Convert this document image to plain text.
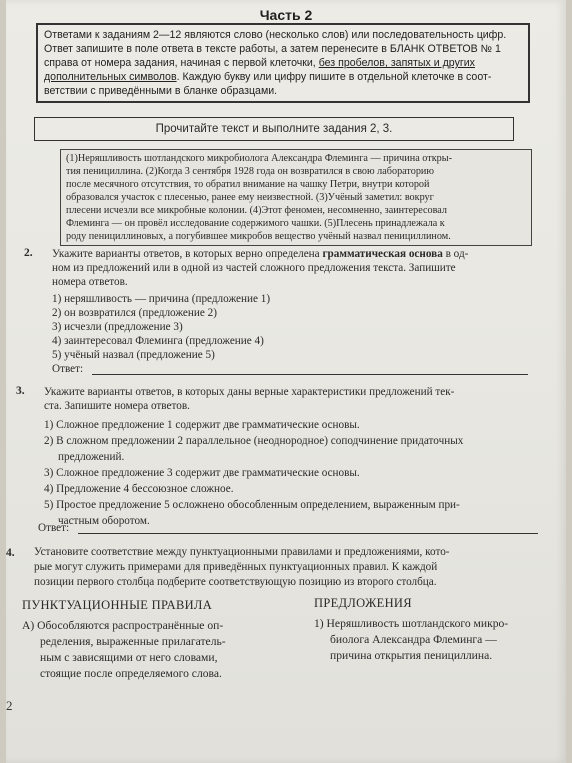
Часть 2
Ответами к заданиям 2—12 являются слово (несколько слов) или последовательность цифр.
Ответ запишите в поле ответа в тексте работы, а затем перенесите в БЛАНК ОТВЕТОВ № 1
справа от номера задания, начиная с первой клеточки, без пробелов, запятых и других
дополнительных символов. Каждую букву или цифру пишите в отдельной клеточке в соот-
ветствии с приведёнными в бланке образцами.
Прочитайте текст и выполните задания 2, 3.
(1)Неряшливость шотландского микробиолога Александра Флеминга — причина откры-
тия пенициллина. (2)Когда 3 сентября 1928 года он возвратился в свою лабораторию
после месячного отсутствия, то обратил внимание на чашку Петри, внутри которой
образовался участок с плесенью, ранее ему неизвестной. (3)Учёный заметил: вокруг
плесени исчезли все микробные колонии. (4)Этот феномен, несомненно, заинтересовал
Флеминга — он провёл исследование содержимого чашки. (5)Плесень принадлежала к
роду пенициллиновых, а погубившее микробов вещество учёный назвал пенициллином.
2. Укажите варианты ответов, в которых верно определена грамматическая основа в од-
ном из предложений или в одной из частей сложного предложения текста. Запишите
номера ответов.
1) неряшливость — причина (предложение 1)
2) он возвратился (предложение 2)
3) исчезли (предложение 3)
4) заинтересовал Флеминга (предложение 4)
5) учёный назвал (предложение 5)
Ответ:
3. Укажите варианты ответов, в которых даны верные характеристики предложений тек-
ста. Запишите номера ответов.
1) Сложное предложение 1 содержит две грамматические основы.
2) В сложном предложении 2 параллельное (неоднородное) соподчинение придаточных
предложений.
3) Сложное предложение 3 содержит две грамматические основы.
4) Предложение 4 бессоюзное сложное.
5) Простое предложение 5 осложнено обособленным определением, выраженным при-
частным оборотом.
Ответ:
4. Установите соответствие между пунктуационными правилами и предложениями, кото-
рые могут служить примерами для приведённых пунктуационных правил. К каждой
позиции первого столбца подберите соответствующую позицию из второго столбца.
ПУНКТУАЦИОННЫЕ ПРАВИЛА	ПРЕДЛОЖЕНИЯ
А) Обособляются распространённые оп-
ределения, выраженные прилагатель-
ным с зависящими от него словами,
стоящие после определяемого слова.
1) Неряшливость шотландского микро-
биолога Александра Флеминга —
причина открытия пенициллина.
2
